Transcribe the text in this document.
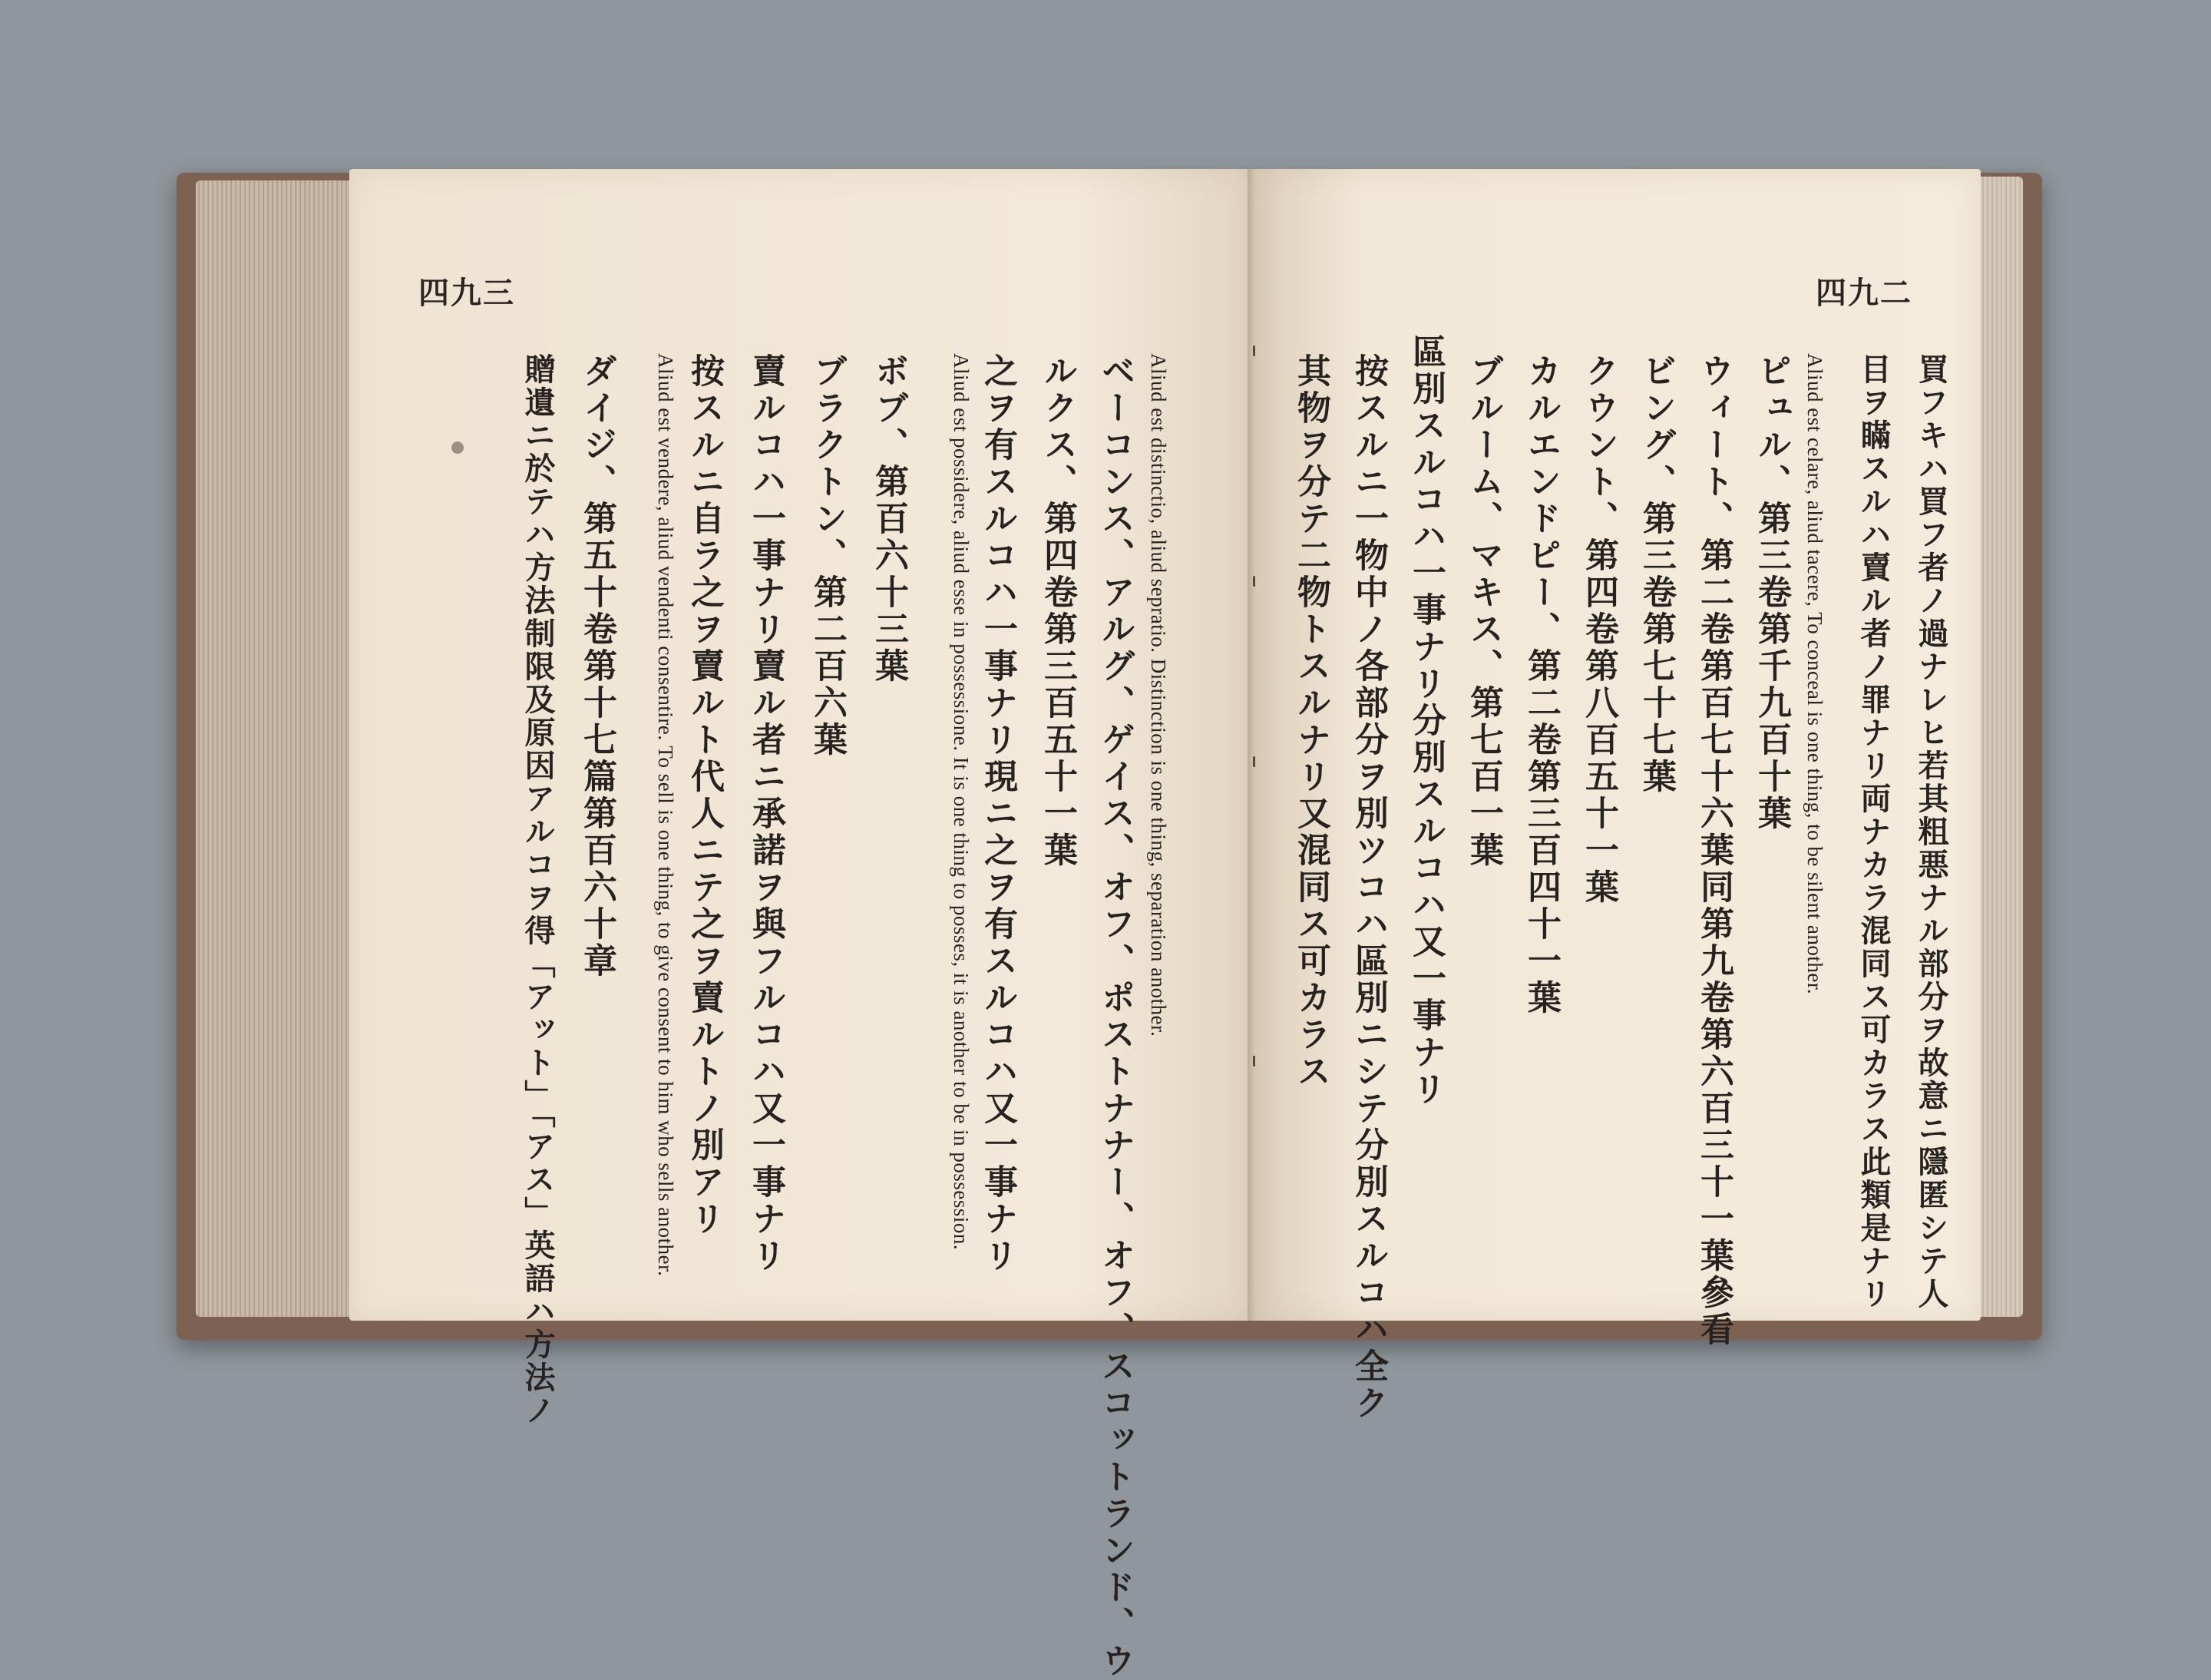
四九三
Aliud est distinctio, aliud sepratio. Distinction is one thing, separation another.
ベーコンス、アルグ、ゲイス、オフ、ポストナナー、オフ、スコットランド、ウ
ルクス、第四卷第三百五十一葉
之ヲ有スルコハ一事ナリ現ニ之ヲ有スルコハ又一事ナリ
Aliud est possidere, aliud esse in possessione. It is one thing to posses, it is another to be in possession.
ボブ、第百六十三葉
ブラクトン、第二百六葉
賣ルコハ一事ナリ賣ル者ニ承諾ヲ與フルコハ又一事ナリ
按スルニ自ラ之ヲ賣ルト代人ニテ之ヲ賣ルトノ別アリ
Aliud est vendere, aliud vendenti consentire. To sell is one thing, to give consent to him who sells another.
ダイジ、第五十卷第十七篇第百六十章
贈遺ニ於テハ方法制限及原因アルコヲ得「アット」「アス」英語ハ方法ノ
四九二
買フキハ買フ者ノ過ナレヒ若其粗悪ナル部分ヲ故意ニ隱匿シテ人
目ヲ瞞スルハ賣ル者ノ罪ナリ両ナカラ混同ス可カラス此類是ナリ
Aliud est celare, aliud tacere, To conceal is one thing, to be silent another.
ピュル、第三卷第千九百十葉
ウィート、第二卷第百七十六葉同第九卷第六百三十一葉參看
ビング、第三卷第七十七葉
クウント、第四卷第八百五十一葉
カルエンドピー、第二卷第三百四十一葉
ブルーム、マキス、第七百一葉
區別スルコハ一事ナリ分別スルコハ又一事ナリ
按スルニ一物中ノ各部分ヲ別ツコハ區別ニシテ分別スルコハ全ク
其物ヲ分テ二物トスルナリ又混同ス可カラス
